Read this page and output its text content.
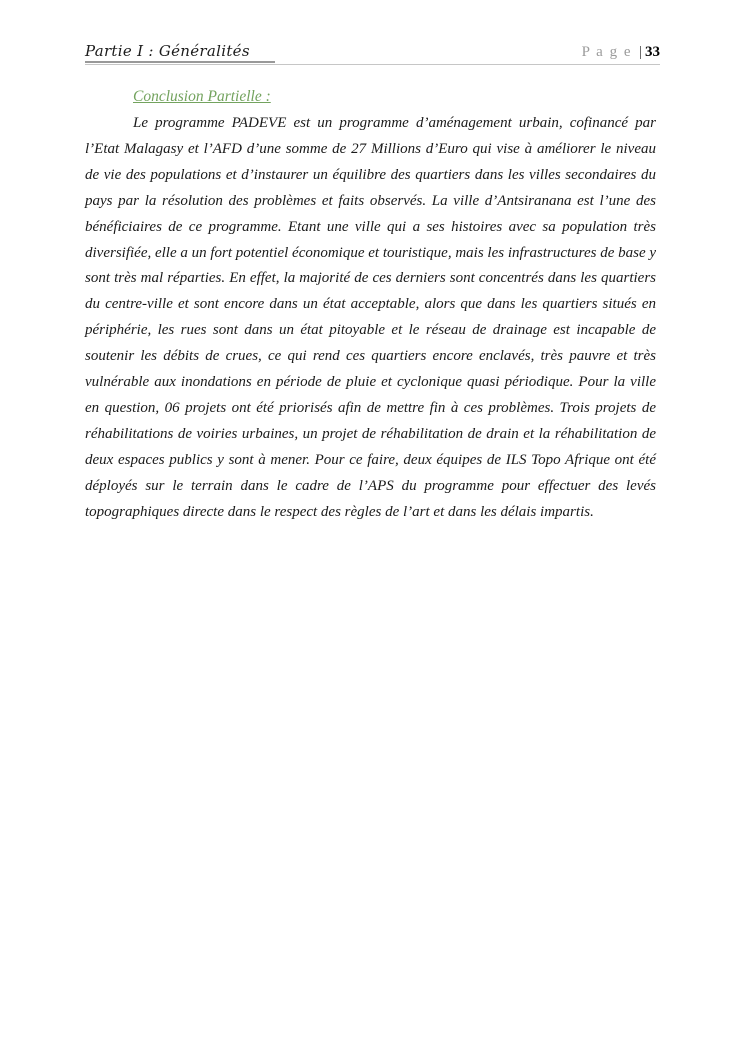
Partie I : Généralités	P a g e | 33
Conclusion Partielle :

Le programme PADEVE est un programme d’aménagement urbain, cofinancé par l’Etat Malagasy et l’AFD d’une somme de 27 Millions d’Euro qui vise à améliorer le niveau de vie des populations et d’instaurer un équilibre des quartiers dans les villes secondaires du pays par la résolution des problèmes et faits observés. La ville d’Antsiranana est l’une des bénéficiaires de ce programme. Etant une ville qui a ses histoires avec sa population très diversifiée, elle a un fort potentiel économique et touristique, mais les infrastructures de base y sont très mal réparties. En effet, la majorité de ces derniers sont concentrés dans les quartiers du centre-ville et sont encore dans un état acceptable, alors que dans les quartiers situés en périphérie, les rues sont dans un état pitoyable et le réseau de drainage est incapable de soutenir les débits de crues, ce qui rend ces quartiers encore enclavés, très pauvre et très vulnérable aux inondations en période de pluie et cyclonique quasi périodique. Pour la ville en question, 06 projets ont été priorisés afin de mettre fin à ces problèmes. Trois projets de réhabilitations de voiries urbaines, un projet de réhabilitation de drain et la réhabilitation de deux espaces publics y sont à mener. Pour ce faire, deux équipes de ILS Topo Afrique ont été déployés sur le terrain dans le cadre de l’APS du programme pour effectuer des levés topographiques directe dans le respect des règles de l’art et dans les délais impartis.
